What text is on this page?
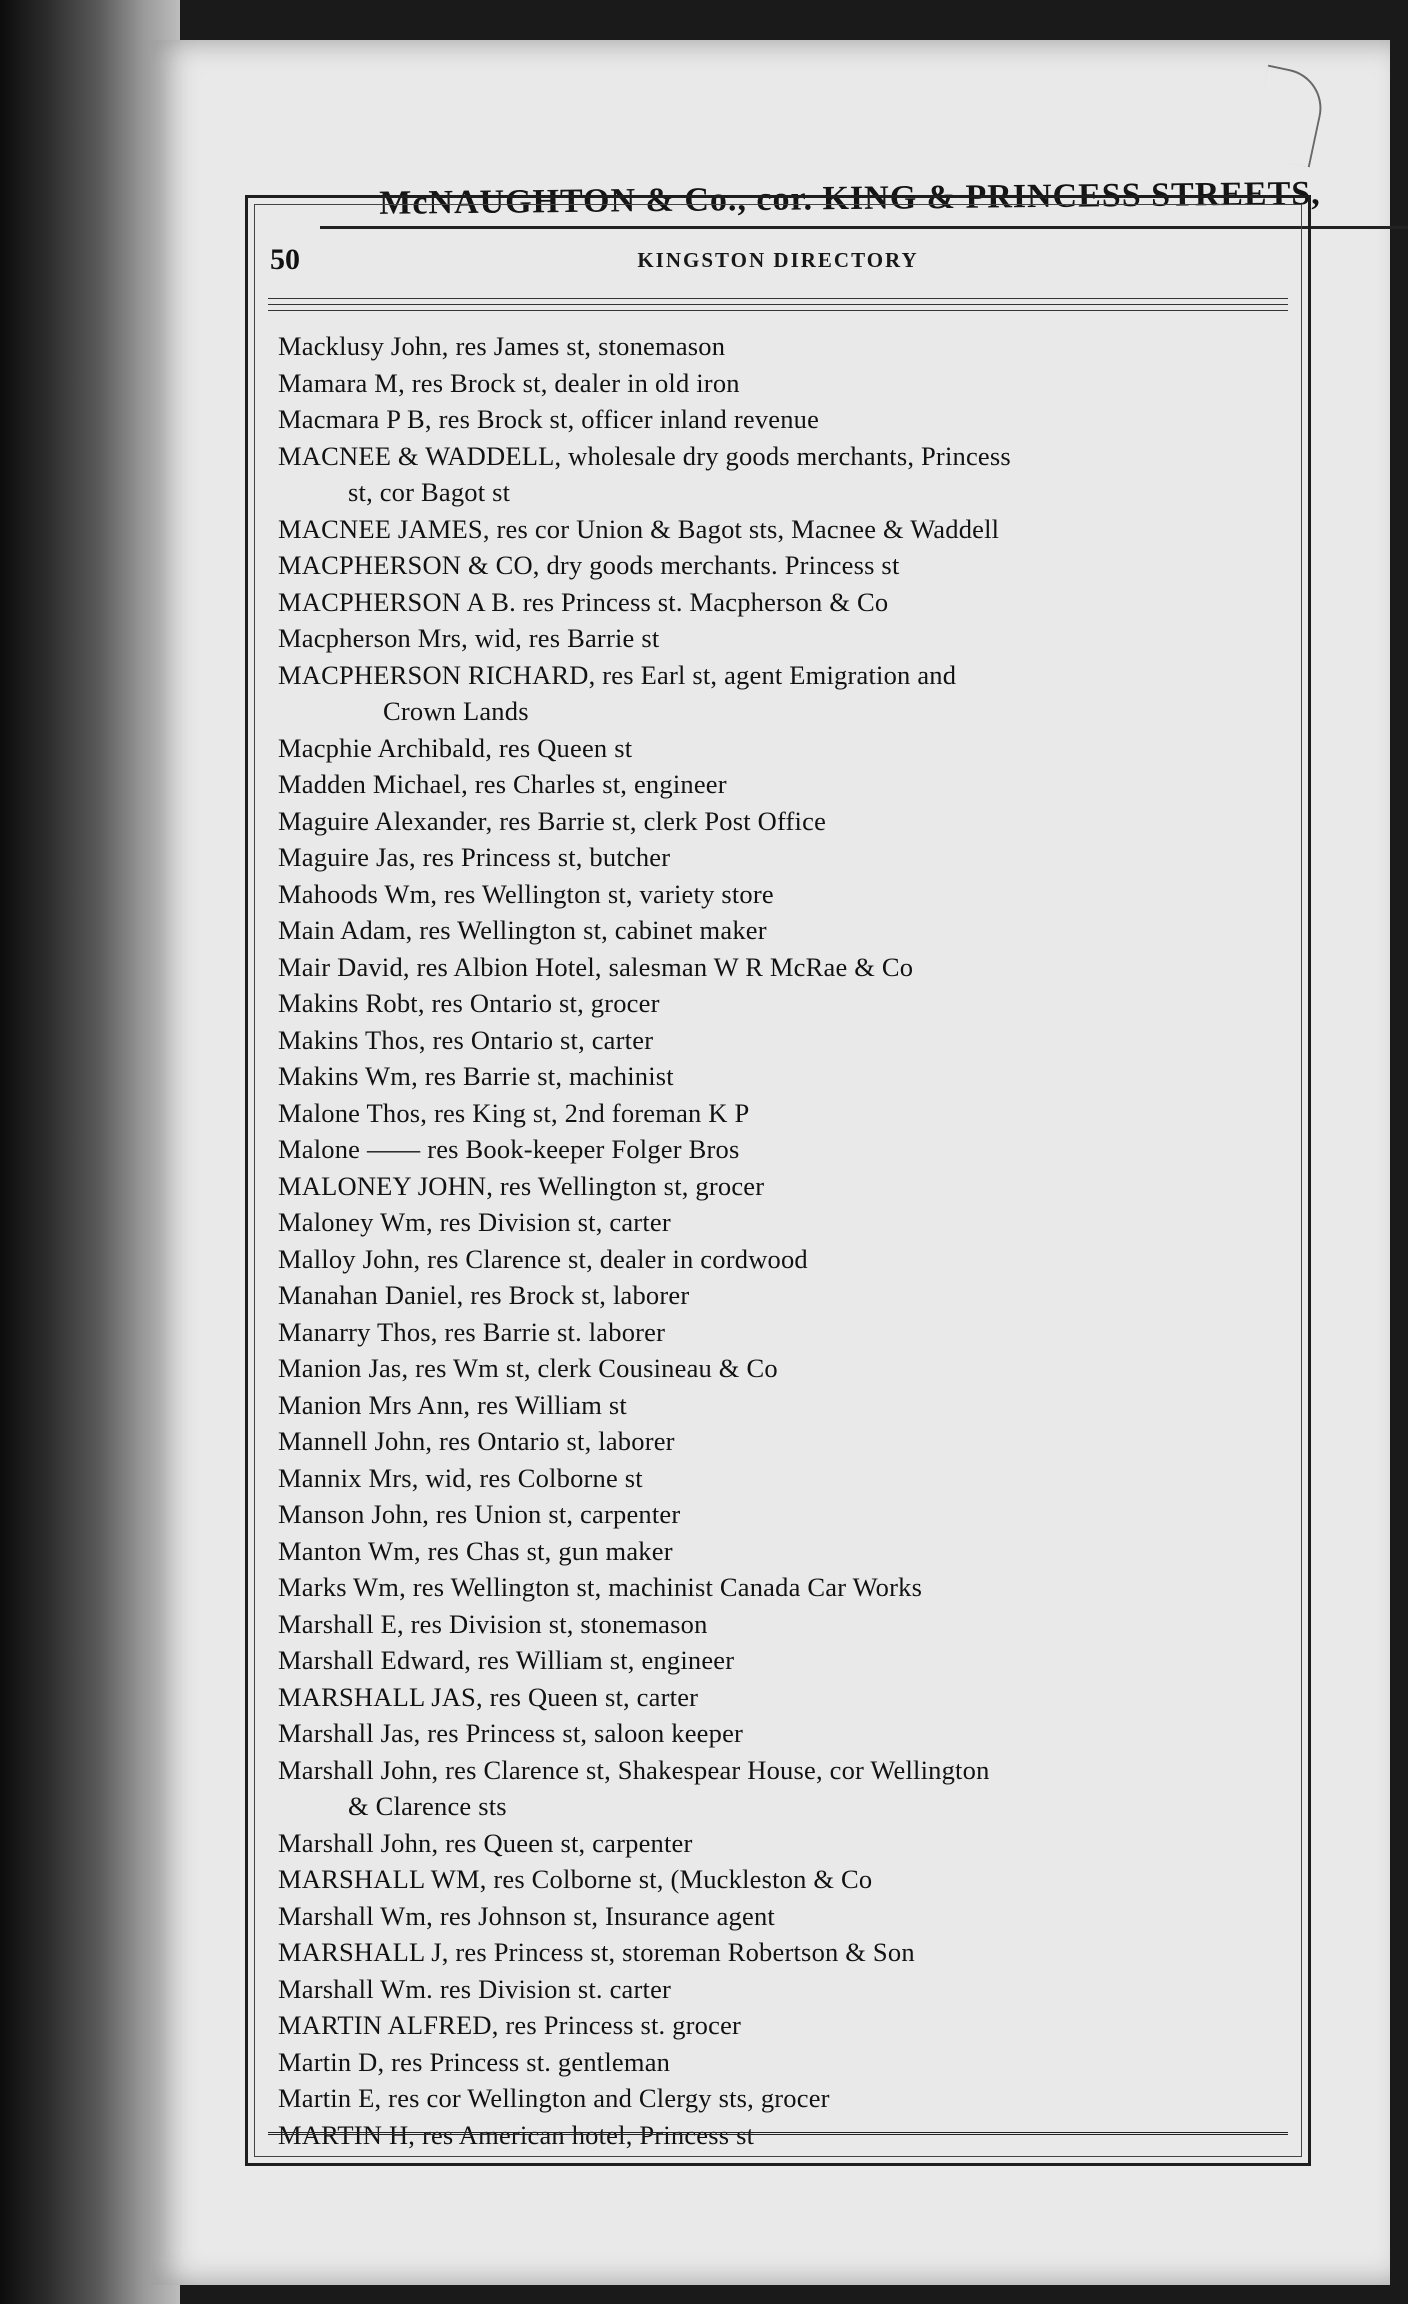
McNAUGHTON & Co., cor. KING & PRINCESS STREETS,
50	KINGSTON DIRECTORY
Macklusy John, res James st, stonemason
Mamara M, res Brock st, dealer in old iron
Macmara P B, res Brock st, officer inland revenue
MACNEE & WADDELL, wholesale dry goods merchants, Princess
st, cor Bagot st
MACNEE JAMES, res cor Union & Bagot sts, Macnee & Waddell
MACPHERSON & CO, dry goods merchants. Princess st
MACPHERSON A B. res Princess st. Macpherson & Co
Macpherson Mrs, wid, res Barrie st
MACPHERSON RICHARD, res Earl st, agent Emigration and
Crown Lands
Macphie Archibald, res Queen st
Madden Michael, res Charles st, engineer
Maguire Alexander, res Barrie st, clerk Post Office
Maguire Jas, res Princess st, butcher
Mahoods Wm, res Wellington st, variety store
Main Adam, res Wellington st, cabinet maker
Mair David, res Albion Hotel, salesman W R McRae & Co
Makins Robt, res Ontario st, grocer
Makins Thos, res Ontario st, carter
Makins Wm, res Barrie st, machinist
Malone Thos, res King st, 2nd foreman K P
Malone —— res Book-keeper Folger Bros
MALONEY JOHN, res Wellington st, grocer
Maloney Wm, res Division st, carter
Malloy John, res Clarence st, dealer in cordwood
Manahan Daniel, res Brock st, laborer
Manarry Thos, res Barrie st. laborer
Manion Jas, res Wm st, clerk Cousineau & Co
Manion Mrs Ann, res William st
Mannell John, res Ontario st, laborer
Mannix Mrs, wid, res Colborne st
Manson John, res Union st, carpenter
Manton Wm, res Chas st, gun maker
Marks Wm, res Wellington st, machinist Canada Car Works
Marshall E, res Division st, stonemason
Marshall Edward, res William st, engineer
MARSHALL JAS, res Queen st, carter
Marshall Jas, res Princess st, saloon keeper
Marshall John, res Clarence st, Shakespear House, cor Wellington
& Clarence sts
Marshall John, res Queen st, carpenter
MARSHALL WM, res Colborne st, (Muckleston & Co
Marshall Wm, res Johnson st, Insurance agent
MARSHALL J, res Princess st, storeman Robertson & Son
Marshall Wm. res Division st. carter
MARTIN ALFRED, res Princess st. grocer
Martin D, res Princess st. gentleman
Martin E, res cor Wellington and Clergy sts, grocer
MARTIN H, res American hotel, Princess st
